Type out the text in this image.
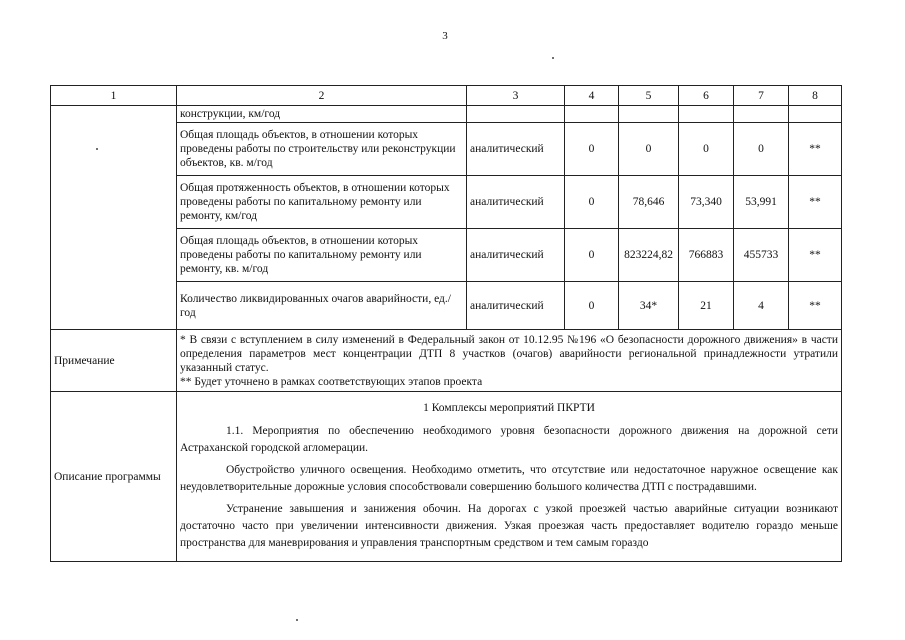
3
1	2	3	4	5	6	7	8
	конструкции, км/год						
	Общая площадь объектов, в отношении которых проведены работы по строительству или реконструкции объектов, кв. м/год	аналитический	0	0	0	0	**
	Общая протяженность объектов, в отношении которых проведены работы по капитальному ремонту или ремонту, км/год	аналитический	0	78,646	73,340	53,991	**
	Общая площадь объектов, в отношении которых проведены работы по капитальному ремонту или ремонту, кв. м/год	аналитический	0	823224,82	766883	455733	**
	Количество ликвидированных очагов аварийности, ед./год	аналитический	0	34*	21	4	**
Примечание	* В связи с вступлением в силу изменений в Федеральный закон от 10.12.95 №196 «О безопасности дорожного движения» в части определения параметров мест концентрации ДТП 8 участков (очагов) аварийности региональной принадлежности утратили указанный статус.
** Будет уточнено в рамках соответствующих этапов проекта						

Описание программы	1 Комплексы мероприятий ПКРТИ

1.1. Мероприятия по обеспечению необходимого уровня безопасности дорожного движения на дорожной сети Астраханской городской агломерации.

Обустройство уличного освещения. Необходимо отметить, что отсутствие или недостаточное наружное освещение как неудовлетворительные дорожные условия способствовали совершению большого количества ДТП с пострадавшими.

Устранение завышения и занижения обочин. На дорогах с узкой проезжей частью аварийные ситуации возникают достаточно часто при увеличении интенсивности движения. Узкая проезжая часть предоставляет водителю гораздо меньше пространства для маневрирования и управления транспортным средством и тем самым гораздо						
